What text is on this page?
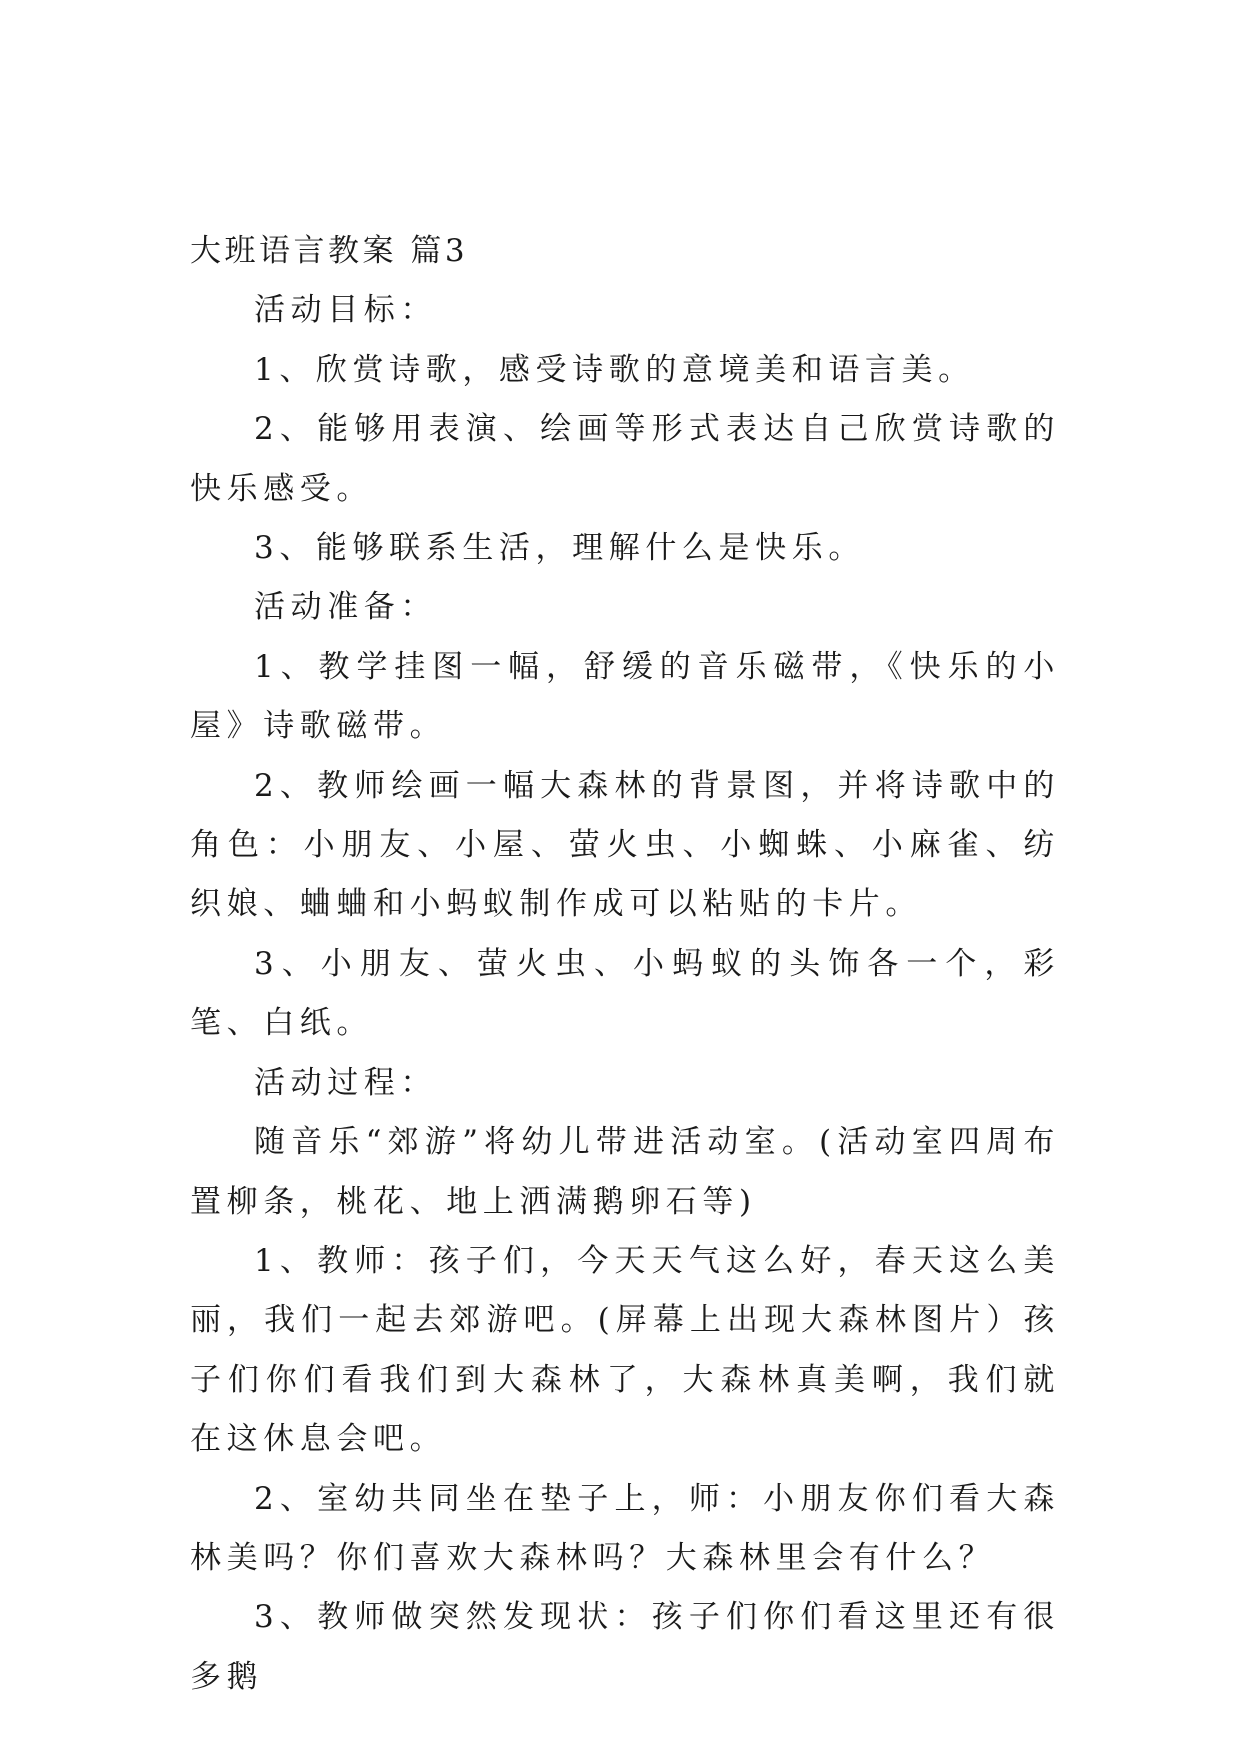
大班语言教案 篇3

活动目标：

1、欣赏诗歌，感受诗歌的意境美和语言美。

2、能够用表演、绘画等形式表达自己欣赏诗歌的快乐感受。

3、能够联系生活，理解什么是快乐。

活动准备：

1、教学挂图一幅，舒缓的音乐磁带，《快乐的小屋》诗歌磁带。

2、教师绘画一幅大森林的背景图，并将诗歌中的角色：小朋友、小屋、萤火虫、小蜘蛛、小麻雀、纺织娘、蛐蛐和小蚂蚁制作成可以粘贴的卡片。

3、小朋友、萤火虫、小蚂蚁的头饰各一个，彩笔、白纸。

活动过程：

随音乐“郊游”将幼儿带进活动室。(活动室四周布置柳条，桃花、地上洒满鹅卵石等)

1、教师：孩子们，今天天气这么好，春天这么美丽，我们一起去郊游吧。(屏幕上出现大森林图片）孩子们你们看我们到大森林了，大森林真美啊，我们就在这休息会吧。

2、室幼共同坐在垫子上，师：小朋友你们看大森林美吗？你们喜欢大森林吗？大森林里会有什么？

3、教师做突然发现状：孩子们你们看这里还有很多鹅
